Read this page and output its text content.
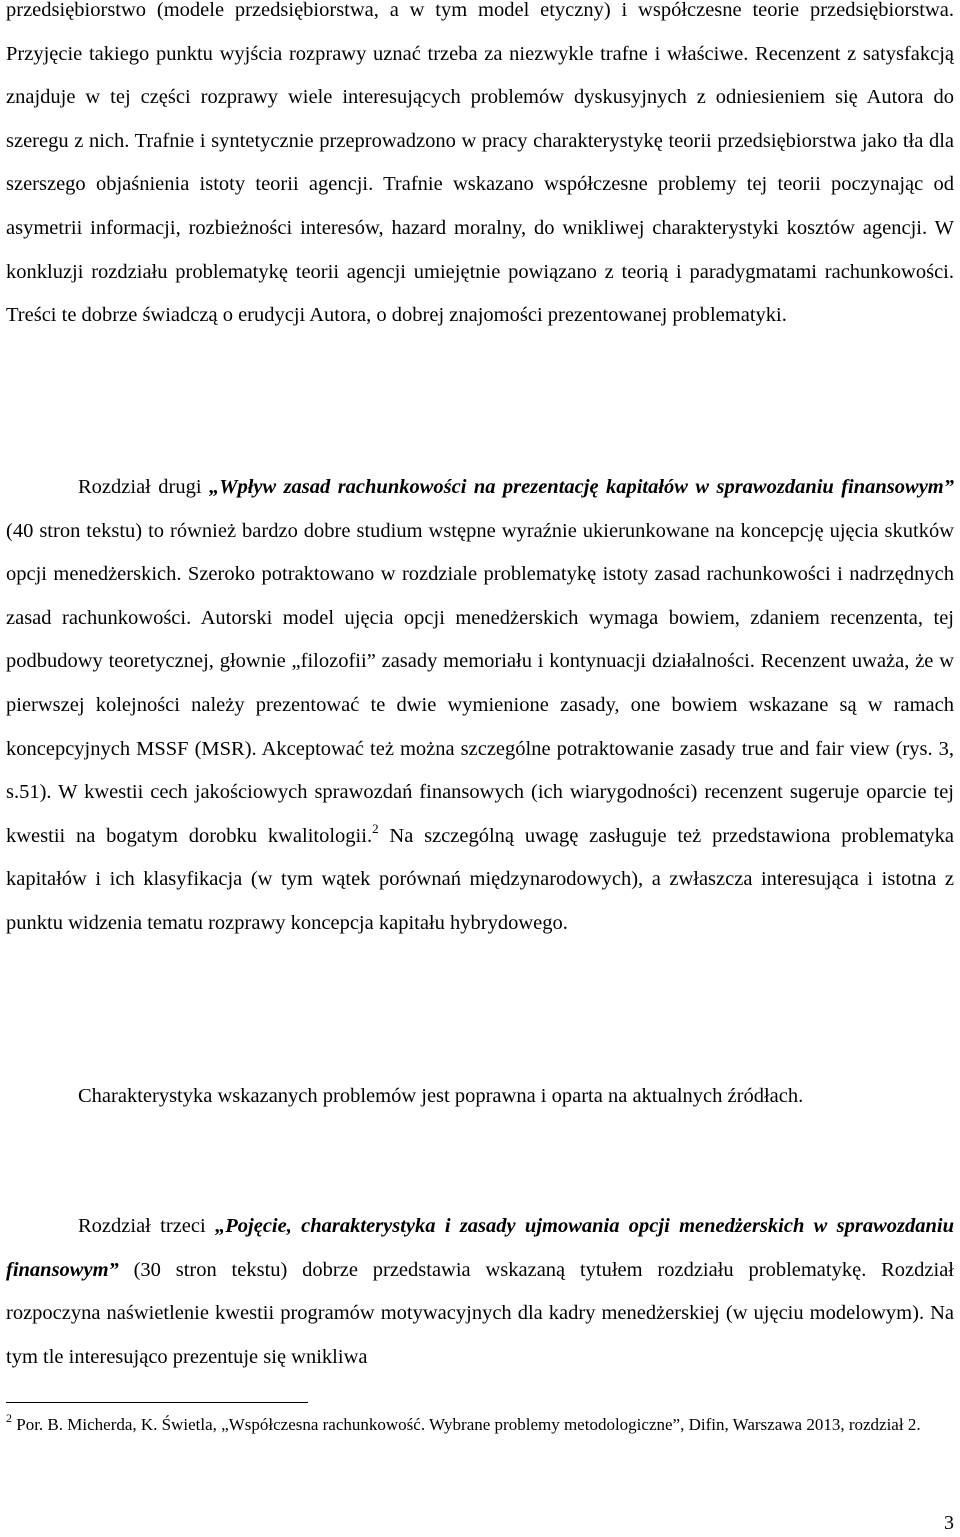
przedsiębiorstwo (modele przedsiębiorstwa, a w tym model etyczny) i współczesne teorie przedsiębiorstwa. Przyjęcie takiego punktu wyjścia rozprawy uznać trzeba za niezwykle trafne i właściwe. Recenzent z satysfakcją znajduje w tej części rozprawy wiele interesujących problemów dyskusyjnych z odniesieniem się Autora do szeregu z nich. Trafnie i syntetycznie przeprowadzono w pracy charakterystykę teorii przedsiębiorstwa jako tła dla szerszego objaśnienia istoty teorii agencji. Trafnie wskazano współczesne problemy tej teorii poczynając od asymetrii informacji, rozbieżności interesów, hazard moralny, do wnikliwej charakterystyki kosztów agencji. W konkluzji rozdziału problematykę teorii agencji umiejętnie powiązano z teorią i paradygmatami rachunkowości. Treści te dobrze świadczą o erudycji Autora, o dobrej znajomości prezentowanej problematyki.

Rozdział drugi „Wpływ zasad rachunkowości na prezentację kapitałów w sprawozdaniu finansowym” (40 stron tekstu) to również bardzo dobre studium wstępne wyraźnie ukierunkowane na koncepcję ujęcia skutków opcji menedżerskich. Szeroko potraktowano w rozdziale problematykę istoty zasad rachunkowości i nadrzędnych zasad rachunkowości. Autorski model ujęcia opcji menedżerskich wymaga bowiem, zdaniem recenzenta, tej podbudowy teoretycznej, głownie „filozofii” zasady memoriału i kontynuacji działalności. Recenzent uważa, że w pierwszej kolejności należy prezentować te dwie wymienione zasady, one bowiem wskazane są w ramach koncepcyjnych MSSF (MSR). Akceptować też można szczególne potraktowanie zasady true and fair view (rys. 3, s.51). W kwestii cech jakościowych sprawozdań finansowych (ich wiarygodności) recenzent sugeruje oparcie tej kwestii na bogatym dorobku kwalitologii.$^2$ Na szczególną uwagę zasługuje też przedstawiona problematyka kapitałów i ich klasyfikacja (w tym wątek porównań międzynarodowych), a zwłaszcza interesująca i istotna z punktu widzenia tematu rozprawy koncepcja kapitału hybrydowego.

Charakterystyka wskazanych problemów jest poprawna i oparta na aktualnych źródłach.

Rozdział trzeci „Pojęcie, charakterystyka i zasady ujmowania opcji menedżerskich w sprawozdaniu finansowym” (30 stron tekstu) dobrze przedstawia wskazaną tytułem rozdziału problematykę. Rozdział rozpoczyna naświetlenie kwestii programów motywacyjnych dla kadry menedżerskiej (w ujęciu modelowym). Na tym tle interesująco prezentuje się wnikliwa

$^2$ Por. B. Micherda, K. Świetla, „Współczesna rachunkowość. Wybrane problemy metodologiczne”, Difin, Warszawa 2013, rozdział 2.

3
